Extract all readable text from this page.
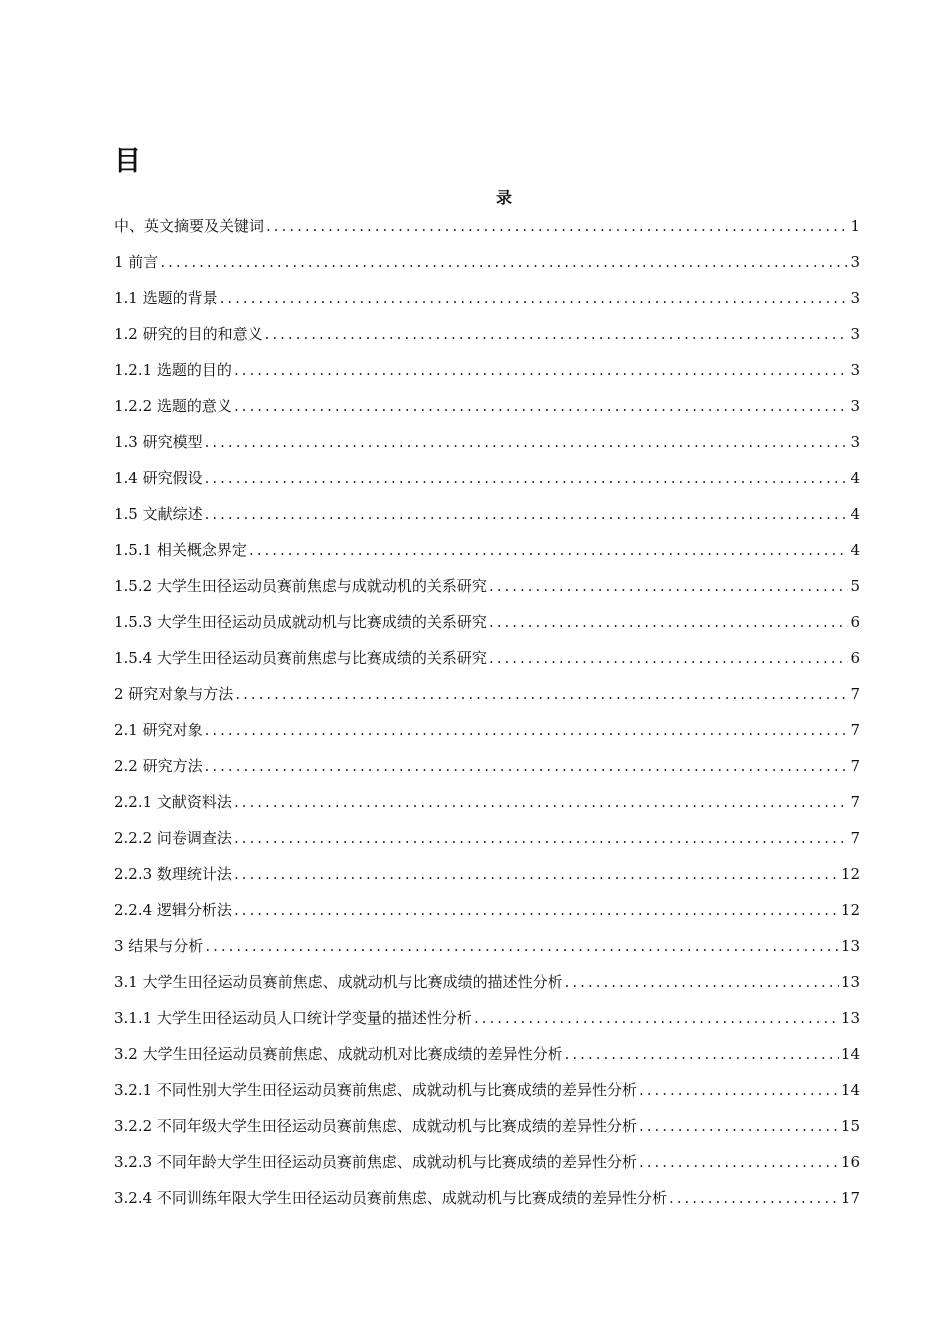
目
录
中、英文摘要及关键词 .....	1
1 前言 .....	3
1.1 选题的背景 .....	3
1.2 研究的目的和意义 .....	3
1.2.1 选题的目的 .....	3
1.2.2 选题的意义 .....	3
1.3 研究模型 .....	3
1.4 研究假设 .....	4
1.5 文献综述 .....	4
1.5.1 相关概念界定 .....	4
1.5.2 大学生田径运动员赛前焦虑与成就动机的关系研究 .....	5
1.5.3 大学生田径运动员成就动机与比赛成绩的关系研究 .....	6
1.5.4 大学生田径运动员赛前焦虑与比赛成绩的关系研究 .....	6
2 研究对象与方法 .....	7
2.1 研究对象 .....	7
2.2 研究方法 .....	7
2.2.1 文献资料法 .....	7
2.2.2 问卷调查法 .....	7
2.2.3 数理统计法 .....	12
2.2.4 逻辑分析法 .....	12
3 结果与分析 .....	13
3.1 大学生田径运动员赛前焦虑、成就动机与比赛成绩的描述性分析 .....	13
3.1.1 大学生田径运动员人口统计学变量的描述性分析 .....	13
3.2 大学生田径运动员赛前焦虑、成就动机对比赛成绩的差异性分析 .....	14
3.2.1 不同性别大学生田径运动员赛前焦虑、成就动机与比赛成绩的差异性分析 .....	14
3.2.2 不同年级大学生田径运动员赛前焦虑、成就动机与比赛成绩的差异性分析 .....	15
3.2.3 不同年龄大学生田径运动员赛前焦虑、成就动机与比赛成绩的差异性分析 .....	16
3.2.4 不同训练年限大学生田径运动员赛前焦虑、成就动机与比赛成绩的差异性分析 .....	17
